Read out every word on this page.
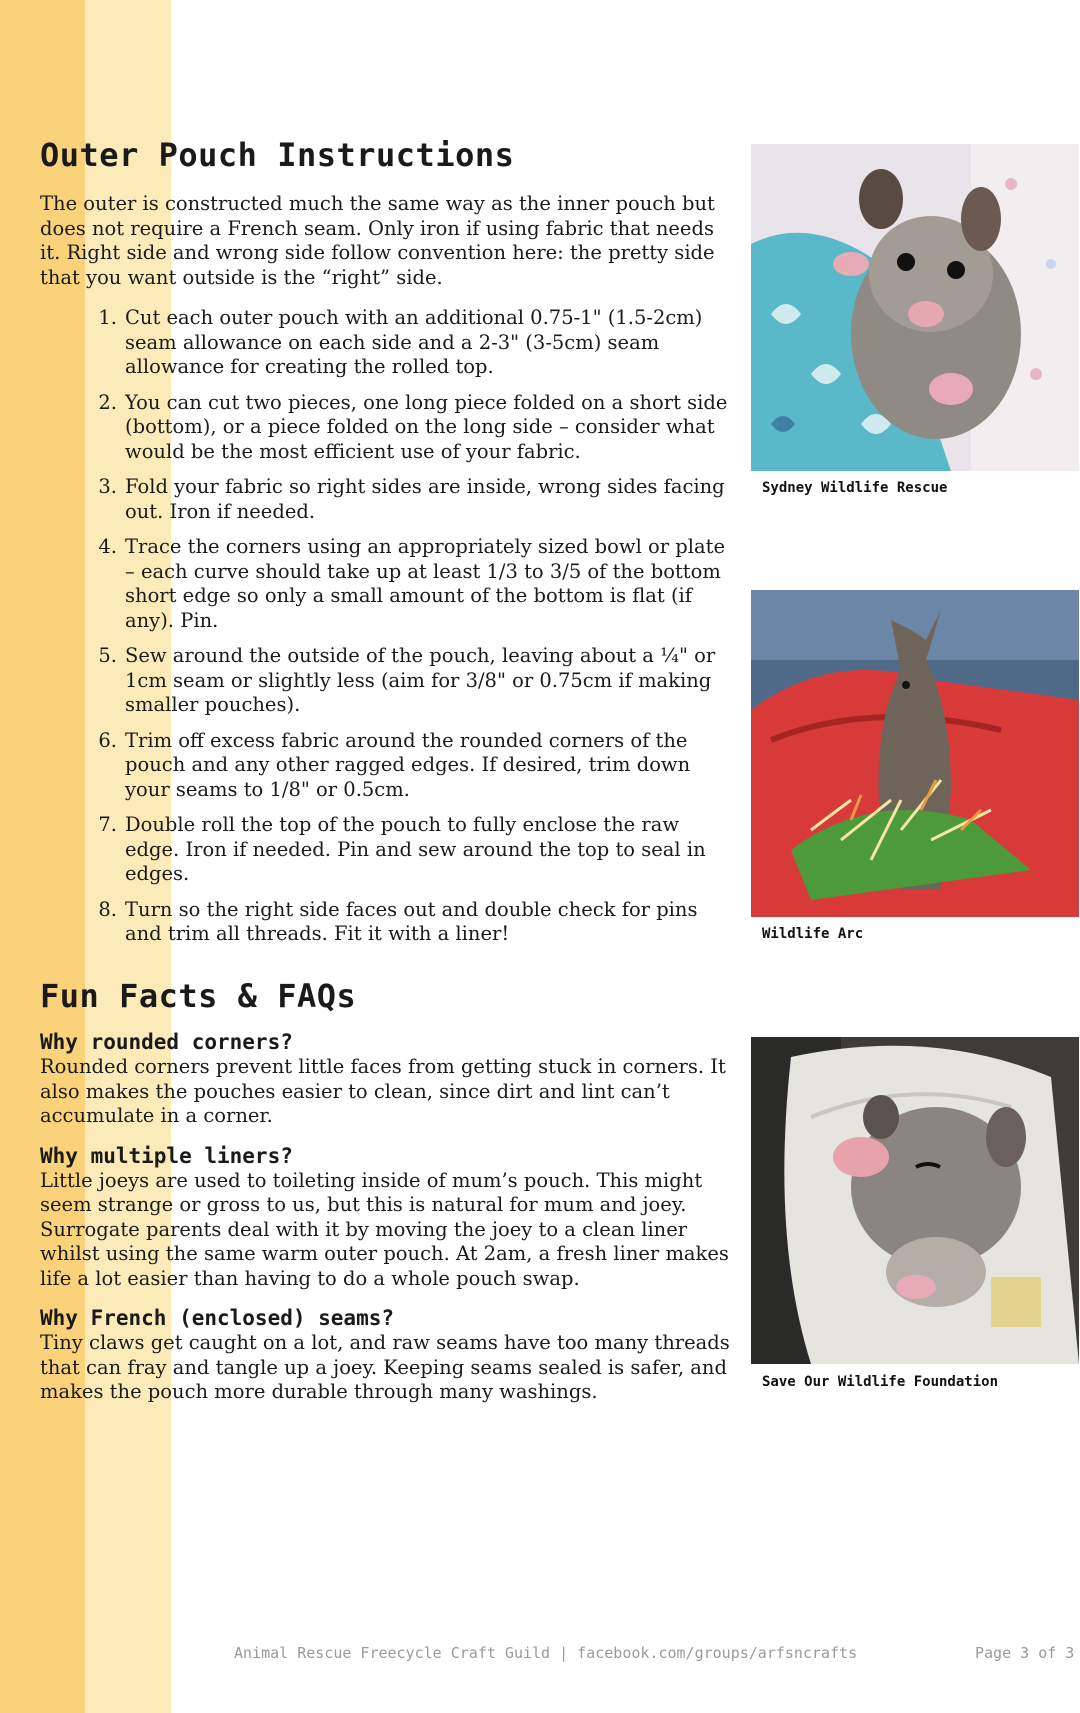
Outer Pouch Instructions

The outer is constructed much the same way as the inner pouch but does not require a French seam. Only iron if using fabric that needs it. Right side and wrong side follow convention here: the pretty side that you want outside is the “right” side.

1. Cut each outer pouch with an additional 0.75-1" (1.5-2cm) seam allowance on each side and a 2-3" (3-5cm) seam allowance for creating the rolled top.
2. You can cut two pieces, one long piece folded on a short side (bottom), or a piece folded on the long side – consider what would be the most efficient use of your fabric.
3. Fold your fabric so right sides are inside, wrong sides facing out. Iron if needed.
4. Trace the corners using an appropriately sized bowl or plate – each curve should take up at least 1/3 to 3/5 of the bottom short edge so only a small amount of the bottom is flat (if any). Pin.
5. Sew around the outside of the pouch, leaving about a ¼" or 1cm seam or slightly less (aim for 3/8" or 0.75cm if making smaller pouches).
6. Trim off excess fabric around the rounded corners of the pouch and any other ragged edges. If desired, trim down your seams to 1/8" or 0.5cm.
7. Double roll the top of the pouch to fully enclose the raw edge. Iron if needed. Pin and sew around the top to seal in edges.
8. Turn so the right side faces out and double check for pins and trim all threads. Fit it with a liner!
Fun Facts & FAQs
Why rounded corners?

Rounded corners prevent little faces from getting stuck in corners. It also makes the pouches easier to clean, since dirt and lint can’t accumulate in a corner.

Why multiple liners?

Little joeys are used to toileting inside of mum’s pouch. This might seem strange or gross to us, but this is natural for mum and joey. Surrogate parents deal with it by moving the joey to a clean liner whilst using the same warm outer pouch. At 2am, a fresh liner makes life a lot easier than having to do a whole pouch swap.

Why French (enclosed) seams?

Tiny claws get caught on a lot, and raw seams have too many threads that can fray and tangle up a joey. Keeping seams sealed is safer, and makes the pouch more durable through many washings.

Sydney Wildlife Rescue
Wildlife Arc
Save Our Wildlife Foundation
Animal Rescue Freecycle Craft Guild | facebook.com/groups/arfsncrafts	Page 3 of 3
